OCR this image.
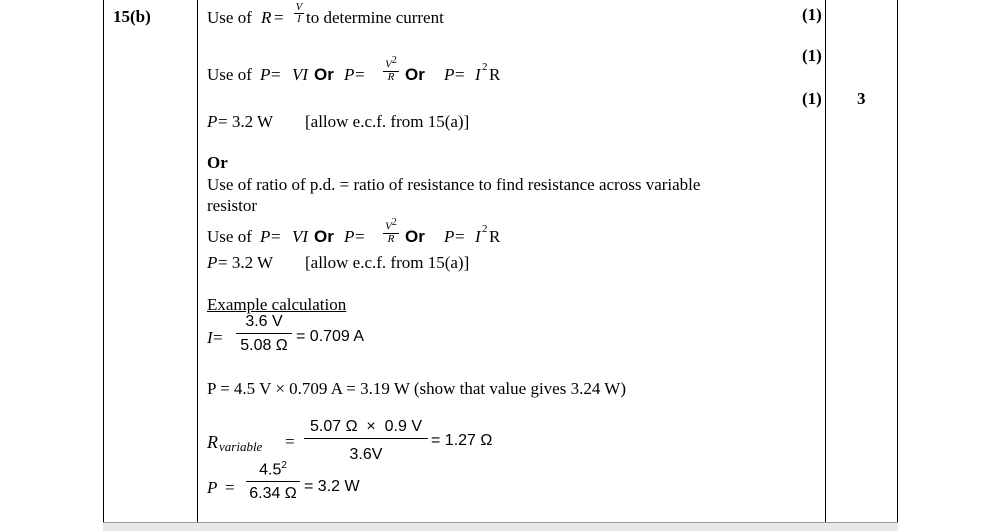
15(b)	(1)
(1)
(1) 3
Use of R =
V
I to determine current
Use of P = VI Or P =
$V^2$
R Or P = I 2 R
P = 3.2 W [allow e.c.f. from 15(a)]
Or
Use of ratio of p.d. = ratio of resistance to find resistance across variable
resistor
Use of P = VI Or P =
$V^2$
R Or P = I 2 R
P = 3.2 W [allow e.c.f. from 15(a)]
Example calculation
I =
3.6 V
5.08 Ω
= 0.709 A
P = 4.5 V × 0.709 A = 3.19 W (show that value gives 3.24 W)
R variable =
5.07 Ω  ×  0.9 V
3.6V
= 1.27 Ω
P =
$4.5^2$
6.34 Ω = 3.2 W
